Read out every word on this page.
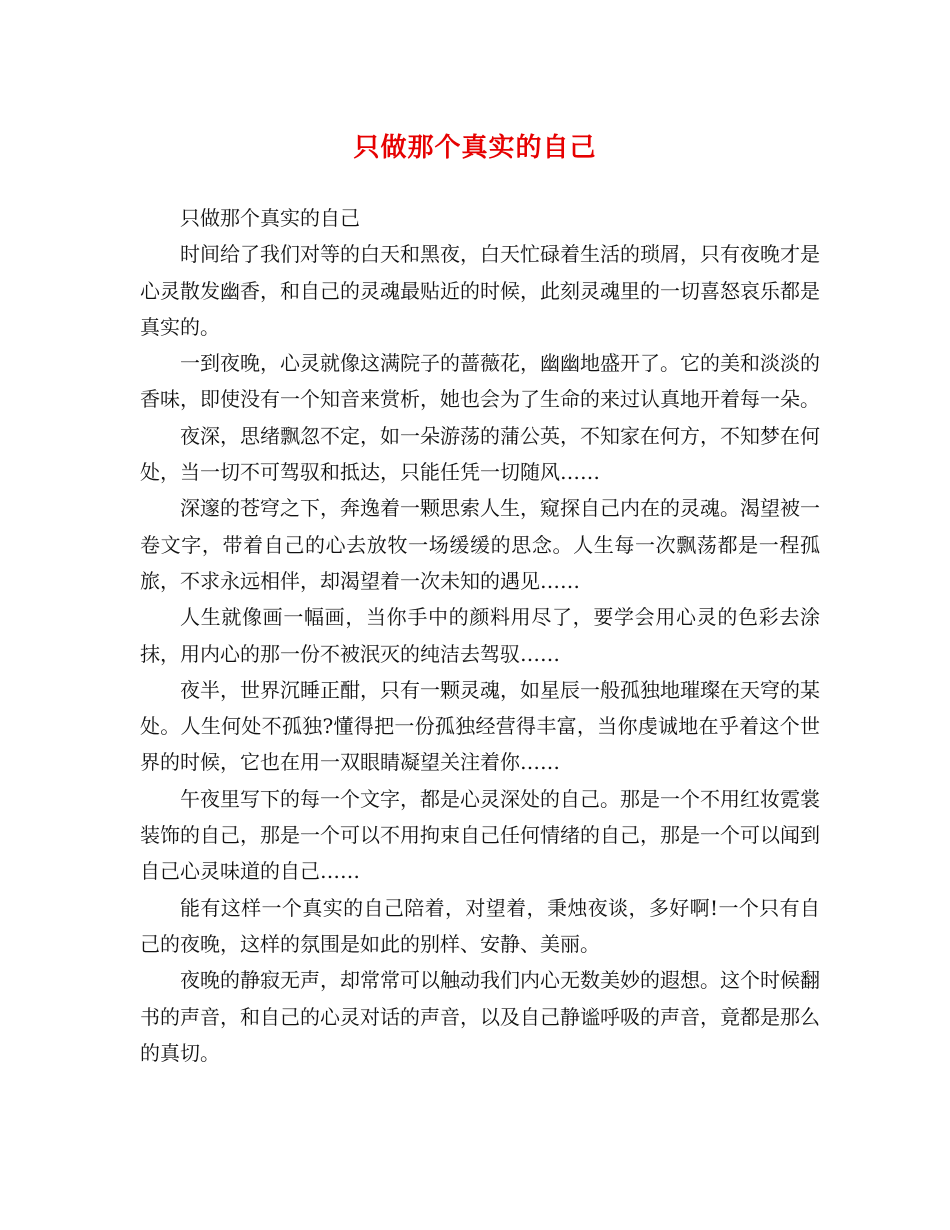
只做那个真实的自己

只做那个真实的自己

时间给了我们对等的白天和黑夜，白天忙碌着生活的琐屑，只有夜晚才是心灵散发幽香，和自己的灵魂最贴近的时候，此刻灵魂里的一切喜怒哀乐都是真实的。

一到夜晚，心灵就像这满院子的蔷薇花，幽幽地盛开了。它的美和淡淡的香味，即使没有一个知音来赏析，她也会为了生命的来过认真地开着每一朵。

夜深，思绪飘忽不定，如一朵游荡的蒲公英，不知家在何方，不知梦在何处，当一切不可驾驭和抵达，只能任凭一切随风……

深邃的苍穹之下，奔逸着一颗思索人生，窥探自己内在的灵魂。渴望被一卷文字，带着自己的心去放牧一场缓缓的思念。人生每一次飘荡都是一程孤旅，不求永远相伴，却渴望着一次未知的遇见……

人生就像画一幅画，当你手中的颜料用尽了，要学会用心灵的色彩去涂抹，用内心的那一份不被泯灭的纯洁去驾驭……

夜半，世界沉睡正酣，只有一颗灵魂，如星辰一般孤独地璀璨在天穹的某处。人生何处不孤独?懂得把一份孤独经营得丰富，当你虔诚地在乎着这个世界的时候，它也在用一双眼睛凝望关注着你……

午夜里写下的每一个文字，都是心灵深处的自己。那是一个不用红妆霓裳装饰的自己，那是一个可以不用拘束自己任何情绪的自己，那是一个可以闻到自己心灵味道的自己……

能有这样一个真实的自己陪着，对望着，秉烛夜谈，多好啊!一个只有自己的夜晚，这样的氛围是如此的别样、安静、美丽。

夜晚的静寂无声，却常常可以触动我们内心无数美妙的遐想。这个时候翻书的声音，和自己的心灵对话的声音，以及自己静谧呼吸的声音，竟都是那么的真切。
